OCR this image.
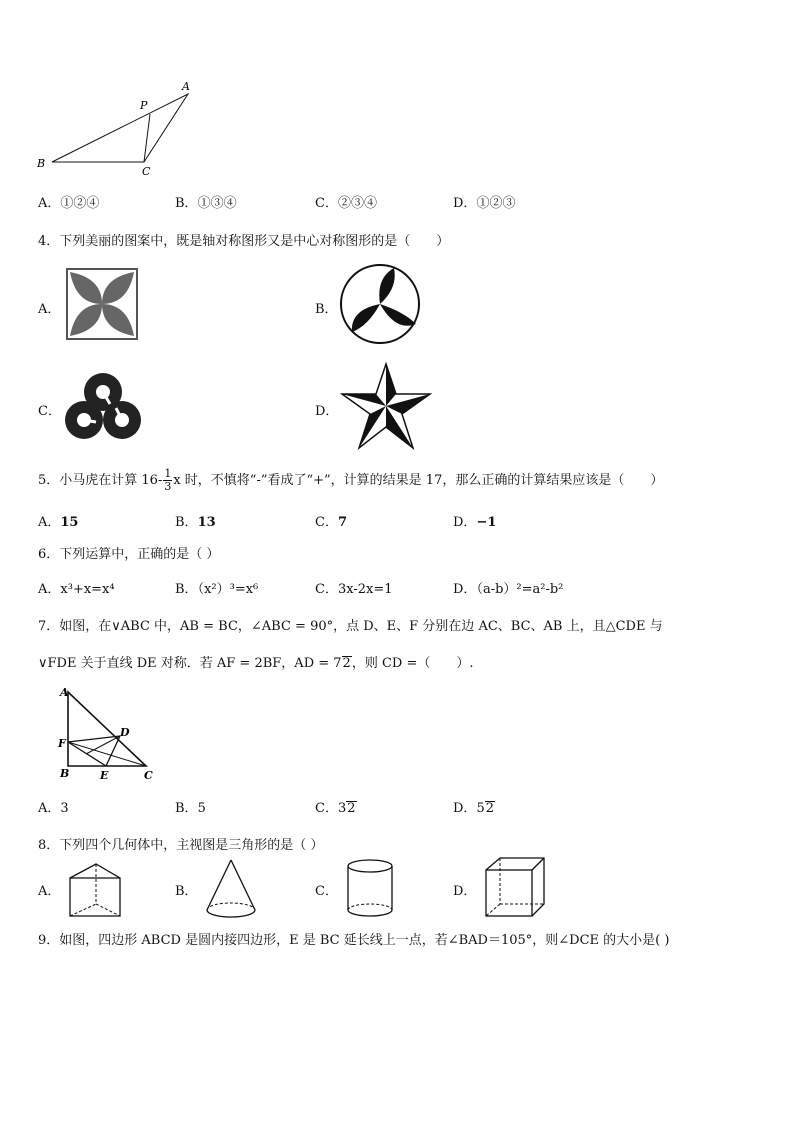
A
P
B
C
A．①②④	B．①③④	C．②③④	D．①②③
4．下列美丽的图案中，既是轴对称图形又是中心对称图形的是（　　）
A．	B．
C．	D．
5．小马虎在计算 $16- \frac{1}{3}$ x 时，不慎将“-”看成了“+”，计算的结果是 17，那么正确的计算结果应该是（　　）
A．15	B．13	C．7	D．−1
6．下列运算中，正确的是（ ）
A．x³+x=x⁴	B．（x²）³=x⁶	C．3x-2x=1	D．（a-b）²=a²-b²
7．如图，在∨ABC 中，AB = BC，∠ABC = 90°，点 D、E、F 分别在边 AC、BC、AB 上，且△CDE 与
∨FDE 关于直线 DE 对称．若 AF = 2BF，AD = 72，则 CD =（　　）.
A
D
F
B	E	C
A．3	B．5	C．32	D．52
8．下列四个几何体中，主视图是三角形的是（ ）
A．	B．	C．	D．
9．如图，四边形 ABCD 是圆内接四边形，E 是 BC 延长线上一点，若∠BAD＝105°，则∠DCE 的大小是( )
